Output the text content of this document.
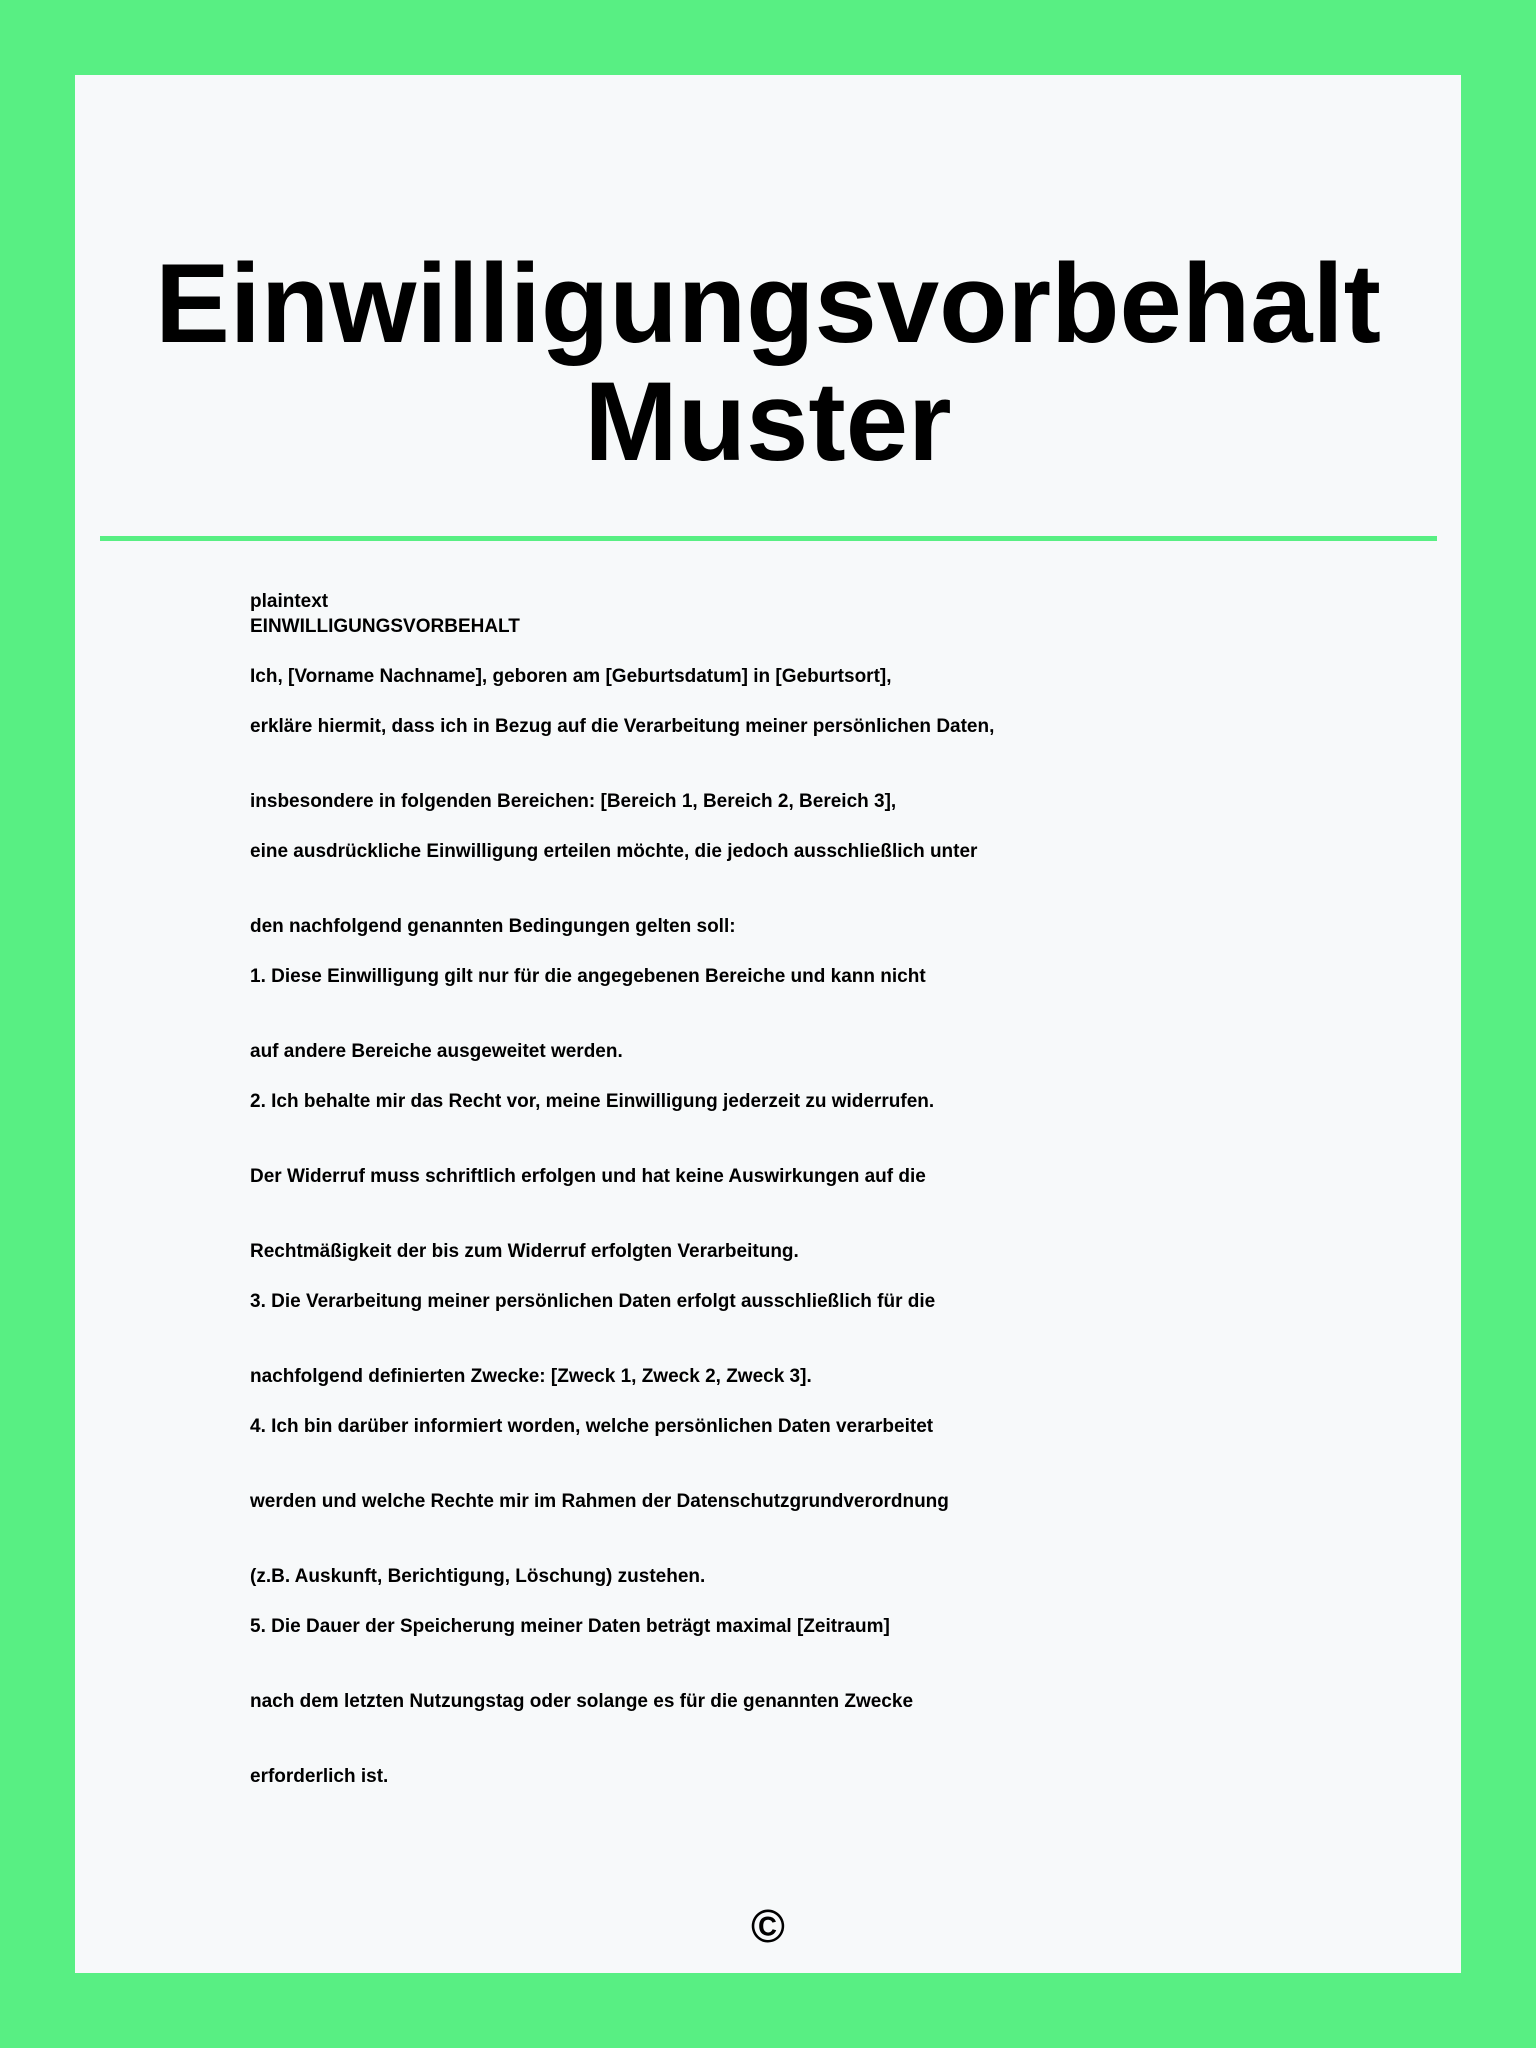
Einwilligungsvorbehalt
Muster
plaintext
EINWILLIGUNGSVORBEHALT
Ich, [Vorname Nachname], geboren am [Geburtsdatum] in [Geburtsort],
erkläre hiermit, dass ich in Bezug auf die Verarbeitung meiner persönlichen Daten,
insbesondere in folgenden Bereichen: [Bereich 1, Bereich 2, Bereich 3],
eine ausdrückliche Einwilligung erteilen möchte, die jedoch ausschließlich unter
den nachfolgend genannten Bedingungen gelten soll:
1. Diese Einwilligung gilt nur für die angegebenen Bereiche und kann nicht
auf andere Bereiche ausgeweitet werden.
2. Ich behalte mir das Recht vor, meine Einwilligung jederzeit zu widerrufen.
Der Widerruf muss schriftlich erfolgen und hat keine Auswirkungen auf die
Rechtmäßigkeit der bis zum Widerruf erfolgten Verarbeitung.
3. Die Verarbeitung meiner persönlichen Daten erfolgt ausschließlich für die
nachfolgend definierten Zwecke: [Zweck 1, Zweck 2, Zweck 3].
4. Ich bin darüber informiert worden, welche persönlichen Daten verarbeitet
werden und welche Rechte mir im Rahmen der Datenschutzgrundverordnung
(z.B. Auskunft, Berichtigung, Löschung) zustehen.
5. Die Dauer der Speicherung meiner Daten beträgt maximal [Zeitraum]
nach dem letzten Nutzungstag oder solange es für die genannten Zwecke
erforderlich ist.
©
